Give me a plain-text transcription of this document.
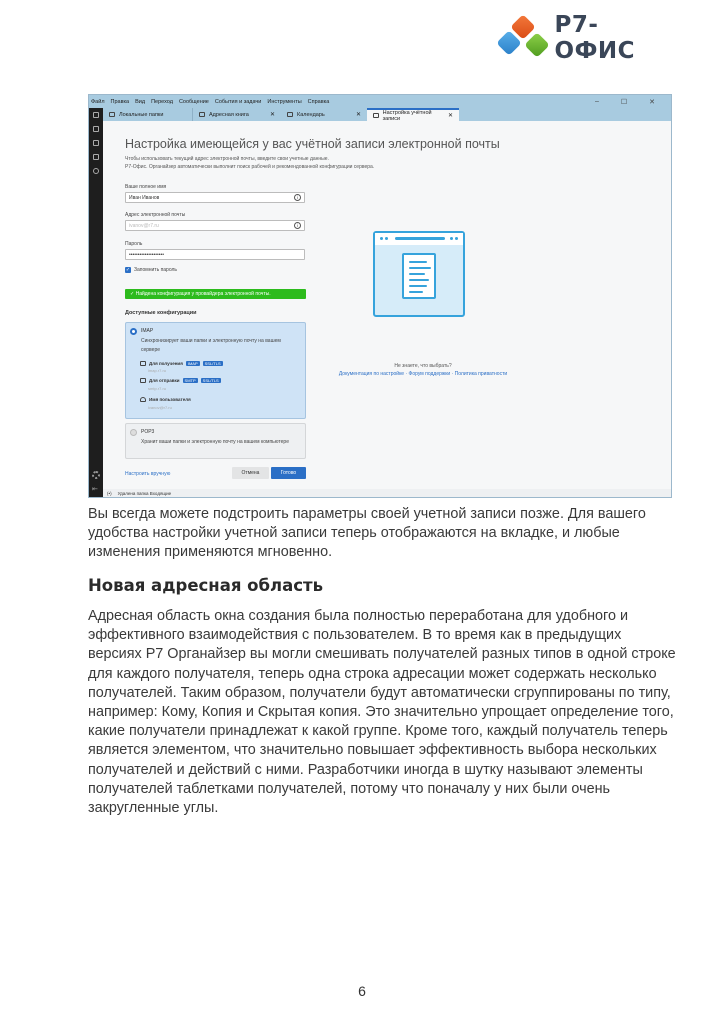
Р7-ОФИС
Файл Правка Вид Переход Сообщение События и задачи Инструменты Справка	–	☐	✕
Локальные папки	Адресная книга	✕	Календарь	✕	Настройка учётной записи	✕
⇤
Настройка имеющейся у вас учётной записи электронной почты
Чтобы использовать текущий адрес электронной почты, введите свои учетные данные.
Р7-Офис. Органайзер автоматически выполнит поиск рабочей и рекомендованной конфигурации сервера.
Ваше полное имя
Иван Иванов	i
Адрес электронной почты
ivanov@r7.ru	i
Пароль
••••••••••••••••••••
✓ Запомнить пароль
✓ Найдена конфигурация у провайдера электронной почты.
Доступные конфигурации
IMAP
Синхронизирует ваши папки и электронную почту на вашем сервере
Для получения	IMAP	SSL/TLS
imap.r7.ru
Для отправки	SMTP	SSL/TLS
smtp.r7.ru
Имя пользователя
ivanov@r7.ru
POP3
Хранит ваши папки и электронную почту на вашем компьютере
Настроить вручную	Отмена	Готово
Не знаете, что выбрать?
Документация по настройке · Форум поддержки · Политика приватности
(•) Удалена папка Входящие

Вы всегда можете подстроить параметры своей учетной записи позже. Для вашего удобства настройки учетной записи теперь отображаются на вкладке, и любые изменения применяются мгновенно.

Новая адресная область

Адресная область окна создания была полностью переработана для удобного и эффективного взаимодействия с пользователем. В то время как в предыдущих версиях Р7 Органайзер вы могли смешивать получателей разных типов в одной строке для каждого получателя, теперь одна строка адресации может содержать несколько получателей. Таким образом, получатели будут автоматически сгруппированы по типу, например: Кому, Копия и Скрытая копия. Это значительно упрощает определение того, какие получатели принадлежат к какой группе. Кроме того, каждый получатель теперь является элементом, что значительно повышает эффективность выбора нескольких получателей и действий с ними. Разработчики иногда в шутку называют элементы получателей таблетками получателей, потому что поначалу у них были очень закругленные углы.

6
